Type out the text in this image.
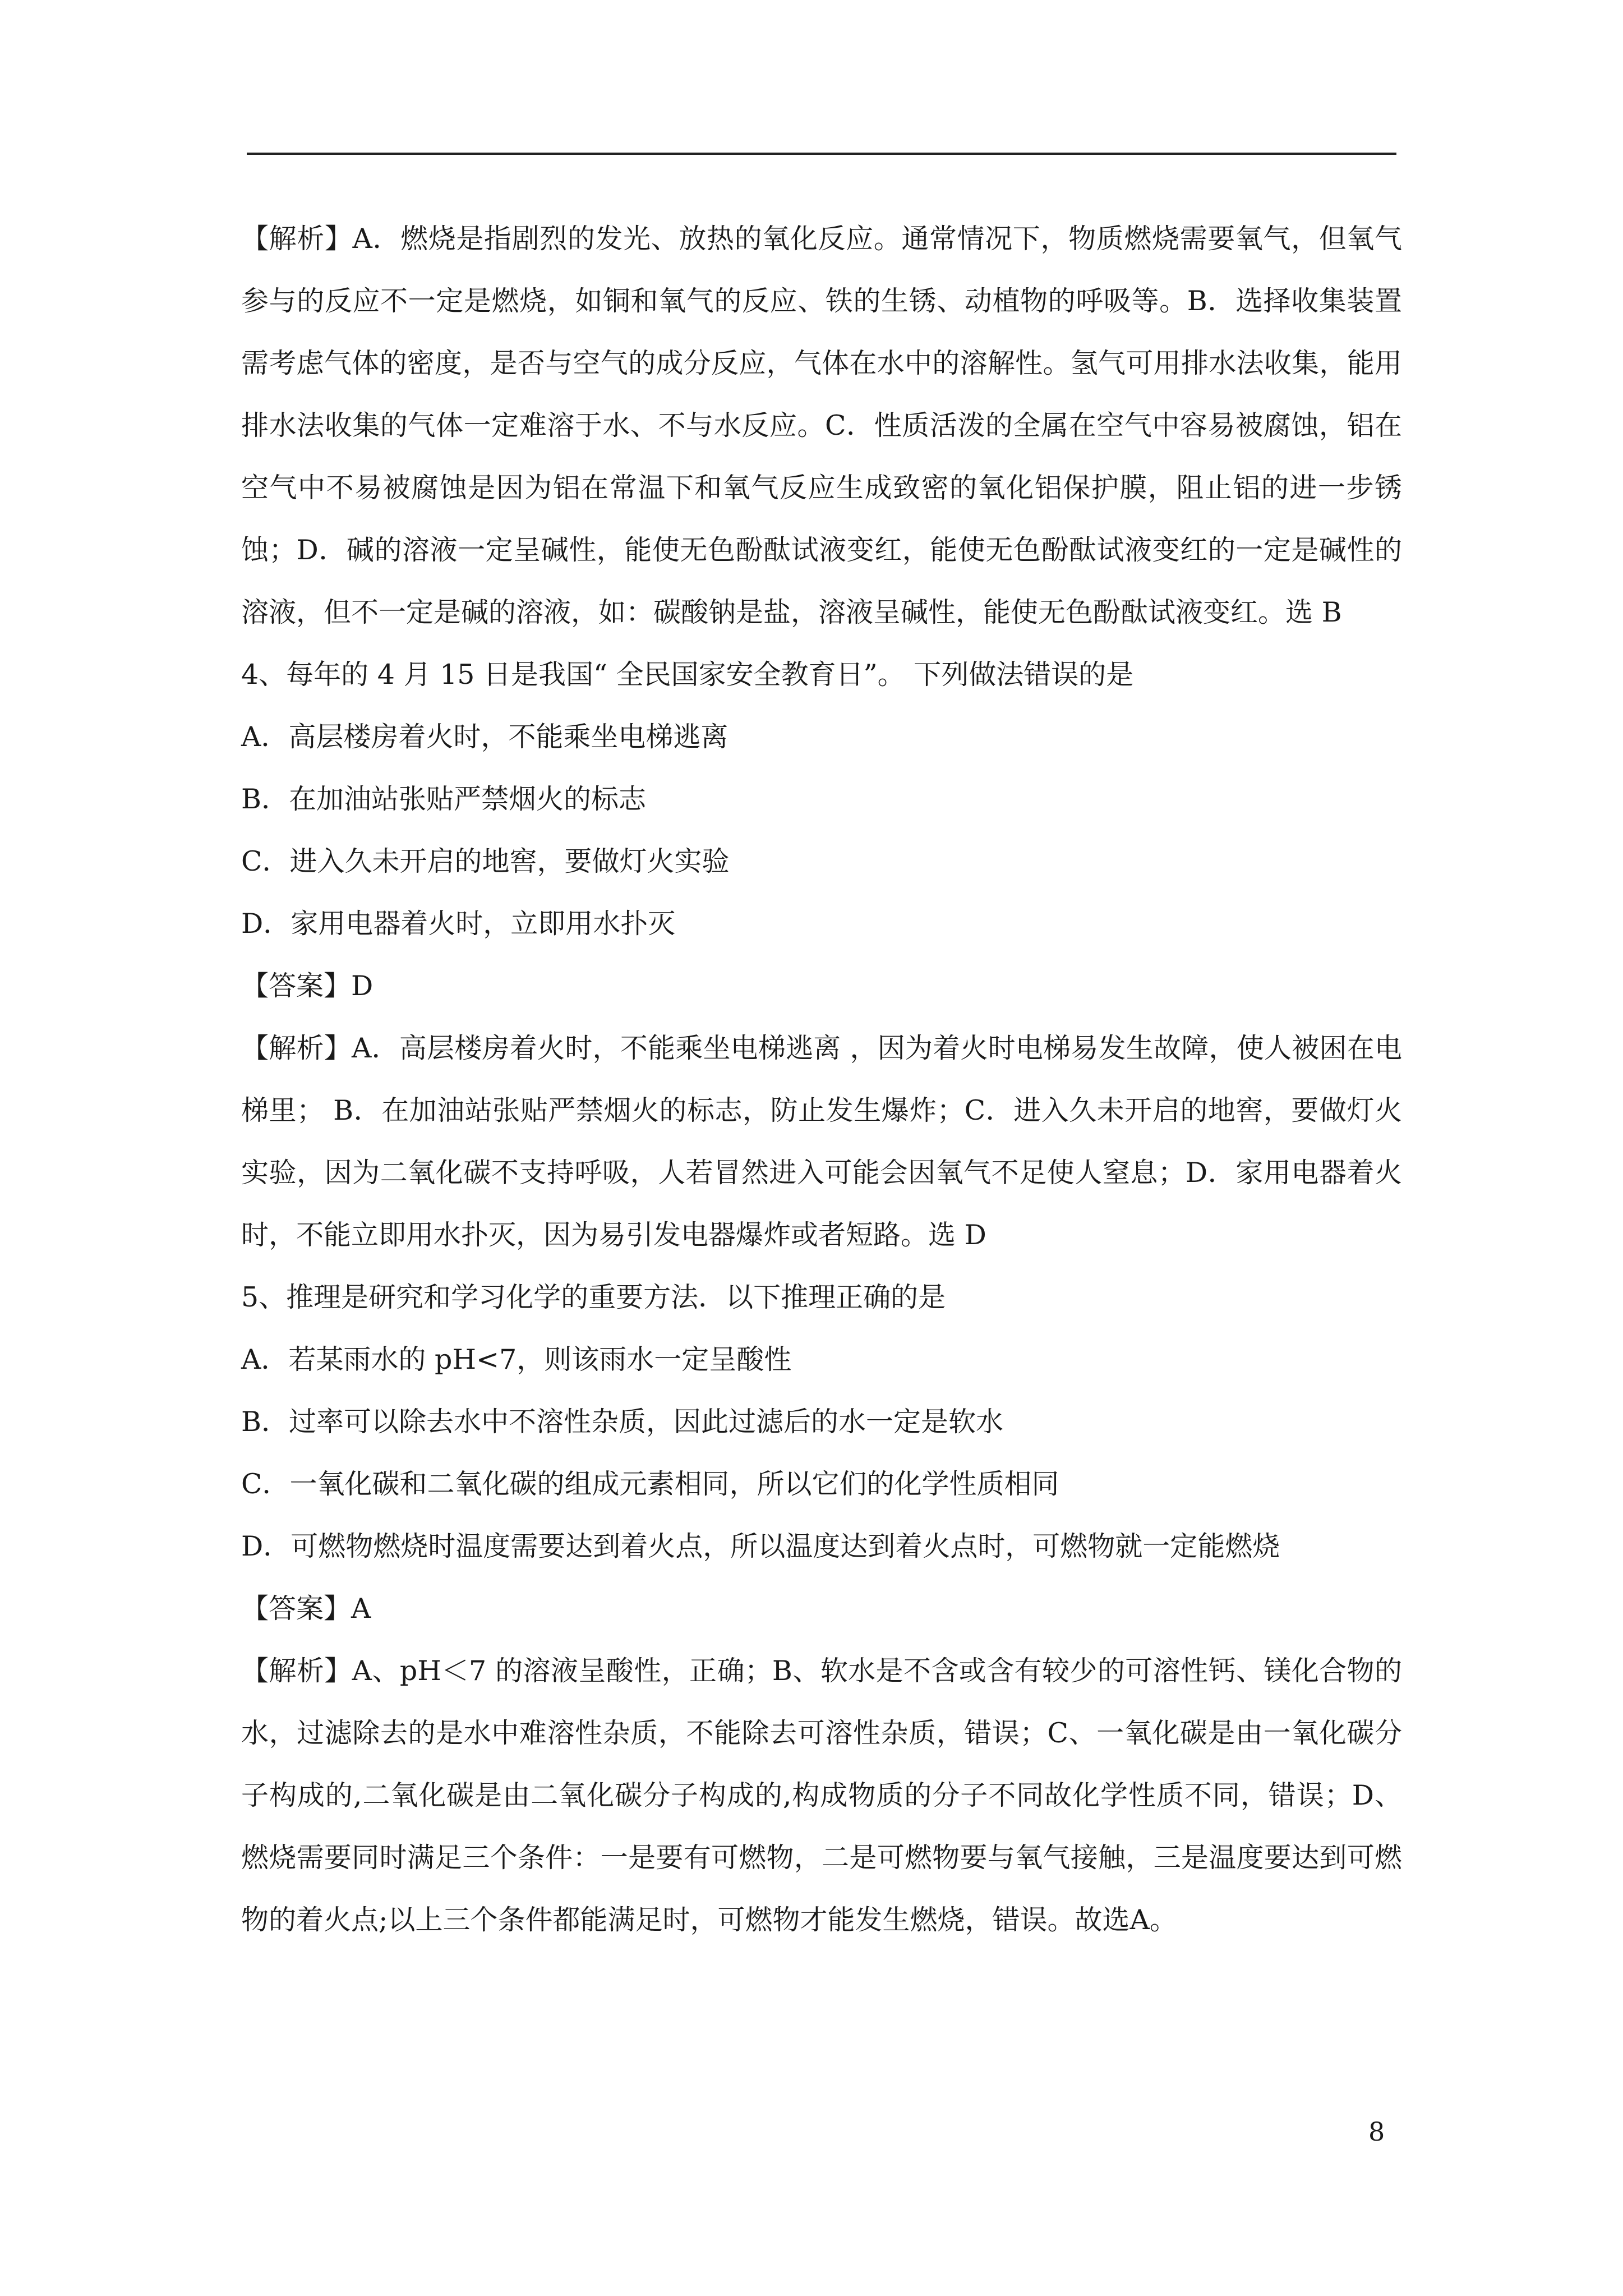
【解析】A．燃烧是指剧烈的发光、放热的氧化反应。通常情况下，物质燃烧需要氧气，但氧气参与的反应不一定是燃烧，如铜和氧气的反应、铁的生锈、动植物的呼吸等。B．选择收集装置需考虑气体的密度，是否与空气的成分反应，气体在水中的溶解性。氢气可用排水法收集，能用排水法收集的气体一定难溶于水、不与水反应。C．性质活泼的全属在空气中容易被腐蚀，铝在空气中不易被腐蚀是因为铝在常温下和氧气反应生成致密的氧化铝保护膜，阻止铝的进一步锈蚀；D．碱的溶液一定呈碱性，能使无色酚酞试液变红，能使无色酚酞试液变红的一定是碱性的溶液，但不一定是碱的溶液，如：碳酸钠是盐，溶液呈碱性，能使无色酚酞试液变红。选 B

4、每年的 4 月 15 日是我国“ 全民国家安全教育日”。 下列做法错误的是

A．高层楼房着火时，不能乘坐电梯逃离

B．在加油站张贴严禁烟火的标志

C．进入久未开启的地窖，要做灯火实验

D．家用电器着火时，立即用水扑灭

【答案】D

【解析】A．高层楼房着火时，不能乘坐电梯逃离 ，因为着火时电梯易发生故障，使人被困在电梯里； B．在加油站张贴严禁烟火的标志，防止发生爆炸；C．进入久未开启的地窖，要做灯火实验，因为二氧化碳不支持呼吸，人若冒然进入可能会因氧气不足使人窒息；D．家用电器着火时，不能立即用水扑灭，因为易引发电器爆炸或者短路。选 D

5、推理是研究和学习化学的重要方法．以下推理正确的是

A．若某雨水的 pH<7，则该雨水一定呈酸性

B．过率可以除去水中不溶性杂质，因此过滤后的水一定是软水

C．一氧化碳和二氧化碳的组成元素相同，所以它们的化学性质相同

D．可燃物燃烧时温度需要达到着火点，所以温度达到着火点时，可燃物就一定能燃烧

【答案】A

【解析】A、pH＜7 的溶液呈酸性，正确；B、软水是不含或含有较少的可溶性钙、镁化合物的水，过滤除去的是水中难溶性杂质，不能除去可溶性杂质，错误；C、一氧化碳是由一氧化碳分子构成的,二氧化碳是由二氧化碳分子构成的,构成物质的分子不同故化学性质不同，错误；D、燃烧需要同时满足三个条件：一是要有可燃物，二是可燃物要与氧气接触，三是温度要达到可燃物的着火点;以上三个条件都能满足时，可燃物才能发生燃烧，错误。故选A。

8
